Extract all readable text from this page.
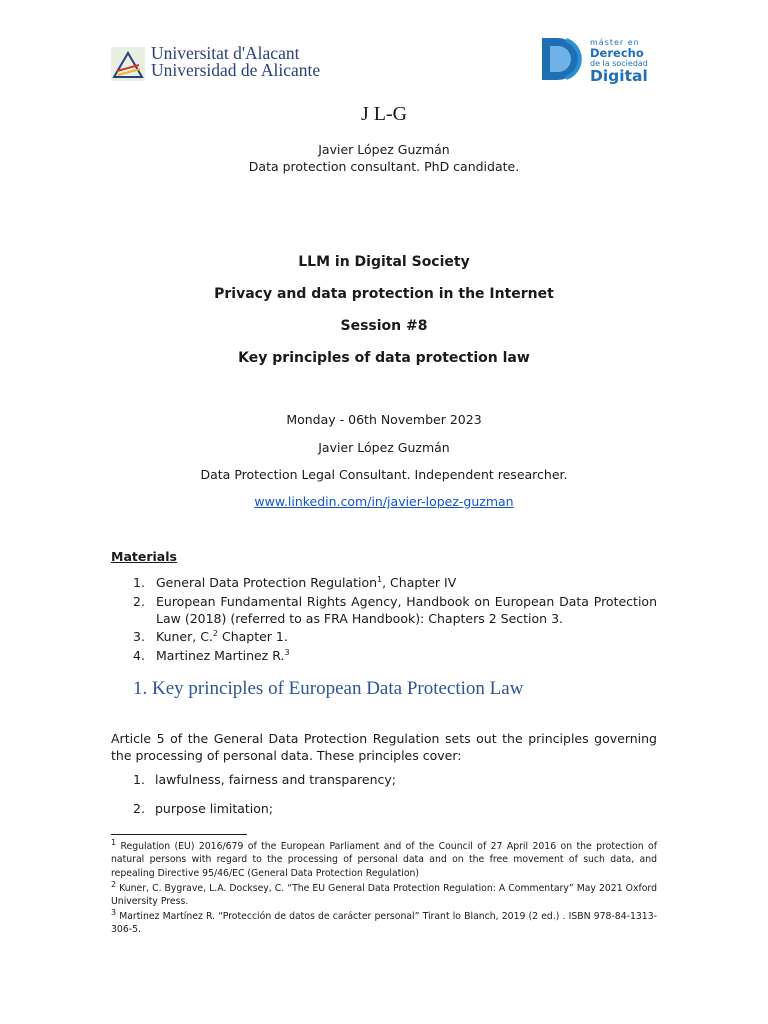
Universitat d'Alacant
Universidad de Alicante
máster en
Derecho
de la sociedad
Digital
J L-G
Javier López Guzmán
Data protection consultant. PhD candidate.
LLM in Digital Society
Privacy and data protection in the Internet
Session #8
Key principles of data protection law
Monday - 06th November 2023
Javier López Guzmán
Data Protection Legal Consultant. Independent researcher.
www.linkedin.com/in/javier-lopez-guzman
Materials
1. General Data Protection Regulation$^1$, Chapter IV
2. European Fundamental Rights Agency, Handbook on European Data Protection Law (2018) (referred to as FRA Handbook): Chapters 2 Section 3.
3. Kuner, C.$^2$ Chapter 1.
4. Martinez Martinez R.$^3$
1. Key principles of European Data Protection Law
Article 5 of the General Data Protection Regulation sets out the principles governing the processing of personal data. These principles cover:
1. lawfulness, fairness and transparency;
2. purpose limitation;
$^1$ Regulation (EU) 2016/679 of the European Parliament and of the Council of 27 April 2016 on the protection of natural persons with regard to the processing of personal data and on the free movement of such data, and repealing Directive 95/46/EC (General Data Protection Regulation)
$^2$ Kuner, C. Bygrave, L.A. Docksey, C. “The EU General Data Protection Regulation: A Commentary” May 2021 Oxford University Press.
$^3$ Martinez Martínez R. “Protección de datos de carácter personal” Tirant lo Blanch, 2019 (2 ed.) . ISBN 978-84-1313-306-5.
